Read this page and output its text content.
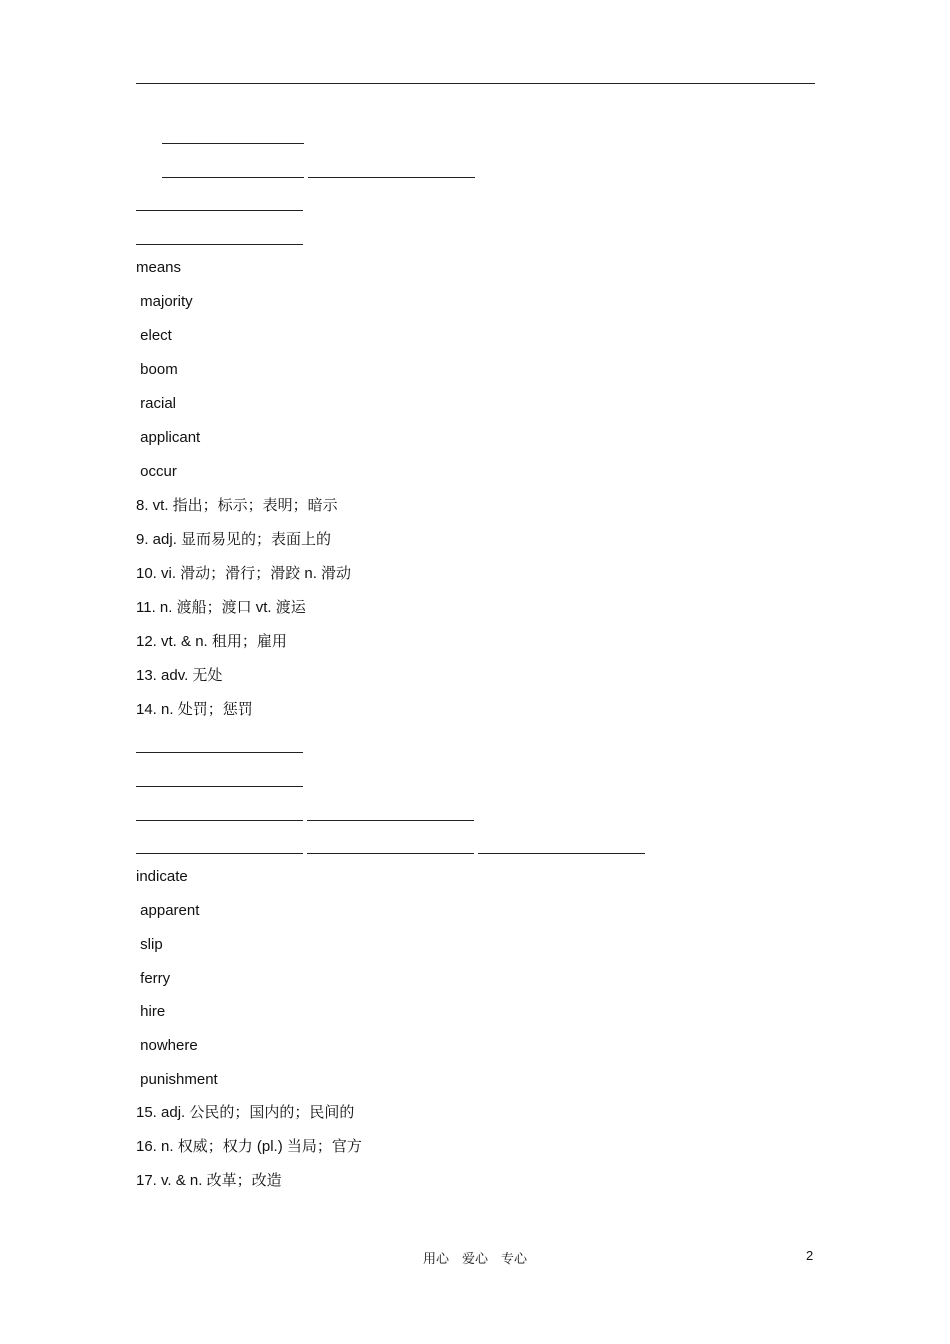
means
majority
elect
boom
racial
applicant
occur
8. vt. 指出；标示；表明；暗示
9. adj. 显而易见的；表面上的
10. vi. 滑动；滑行；滑跤 n. 滑动
11. n. 渡船；渡口 vt. 渡运
12. vt. & n. 租用；雇用
13. adv. 无处
14. n. 处罚；惩罚
indicate
apparent
slip
ferry
hire
nowhere
punishment
15. adj. 公民的；国内的；民间的
16. n. 权威；权力 (pl.) 当局；官方
17. v. & n. 改革；改造
用心　爱心　专心	2
